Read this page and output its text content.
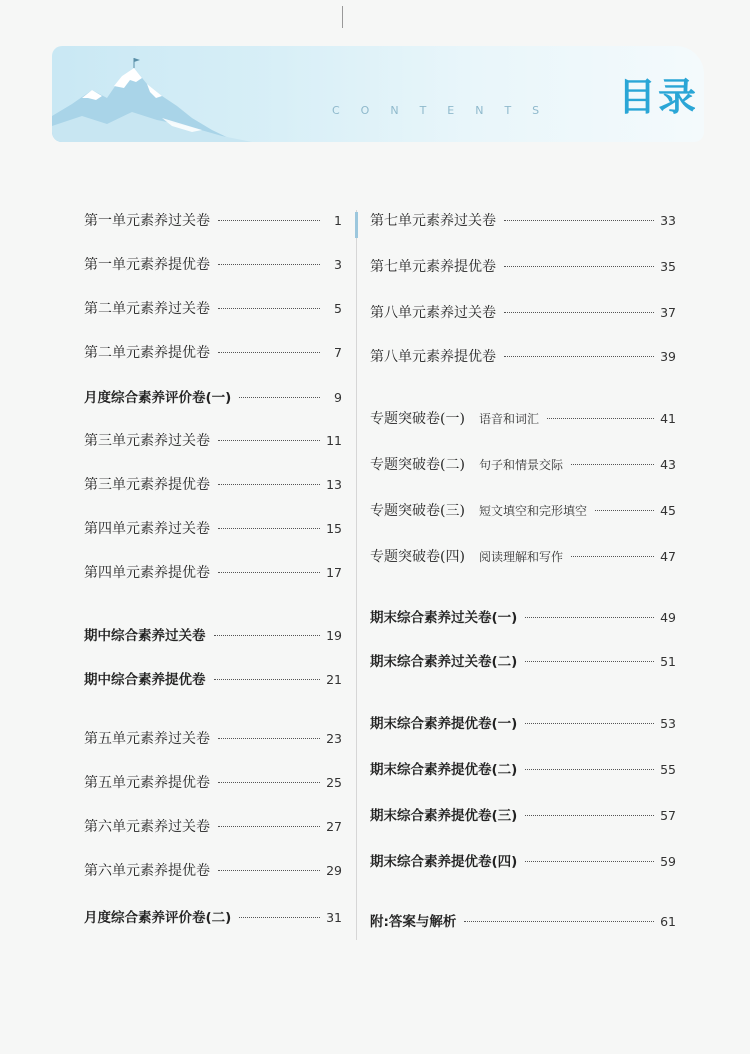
CONTENTS 目录
第一单元素养过关卷	1
第一单元素养提优卷	3
第二单元素养过关卷	5
第二单元素养提优卷	7
月度综合素养评价卷(一)	9
第三单元素养过关卷	11
第三单元素养提优卷	13
第四单元素养过关卷	15
第四单元素养提优卷	17
期中综合素养过关卷	19
期中综合素养提优卷	21
第五单元素养过关卷	23
第五单元素养提优卷	25
第六单元素养过关卷	27
第六单元素养提优卷	29
月度综合素养评价卷(二)	31
第七单元素养过关卷	33
第七单元素养提优卷	35
第八单元素养过关卷	37
第八单元素养提优卷	39
专题突破卷(一) 语音和词汇	41
专题突破卷(二) 句子和情景交际	43
专题突破卷(三) 短文填空和完形填空	45
专题突破卷(四) 阅读理解和写作	47
期末综合素养过关卷(一)	49
期末综合素养过关卷(二)	51
期末综合素养提优卷(一)	53
期末综合素养提优卷(二)	55
期末综合素养提优卷(三)	57
期末综合素养提优卷(四)	59
附:答案与解析	61
